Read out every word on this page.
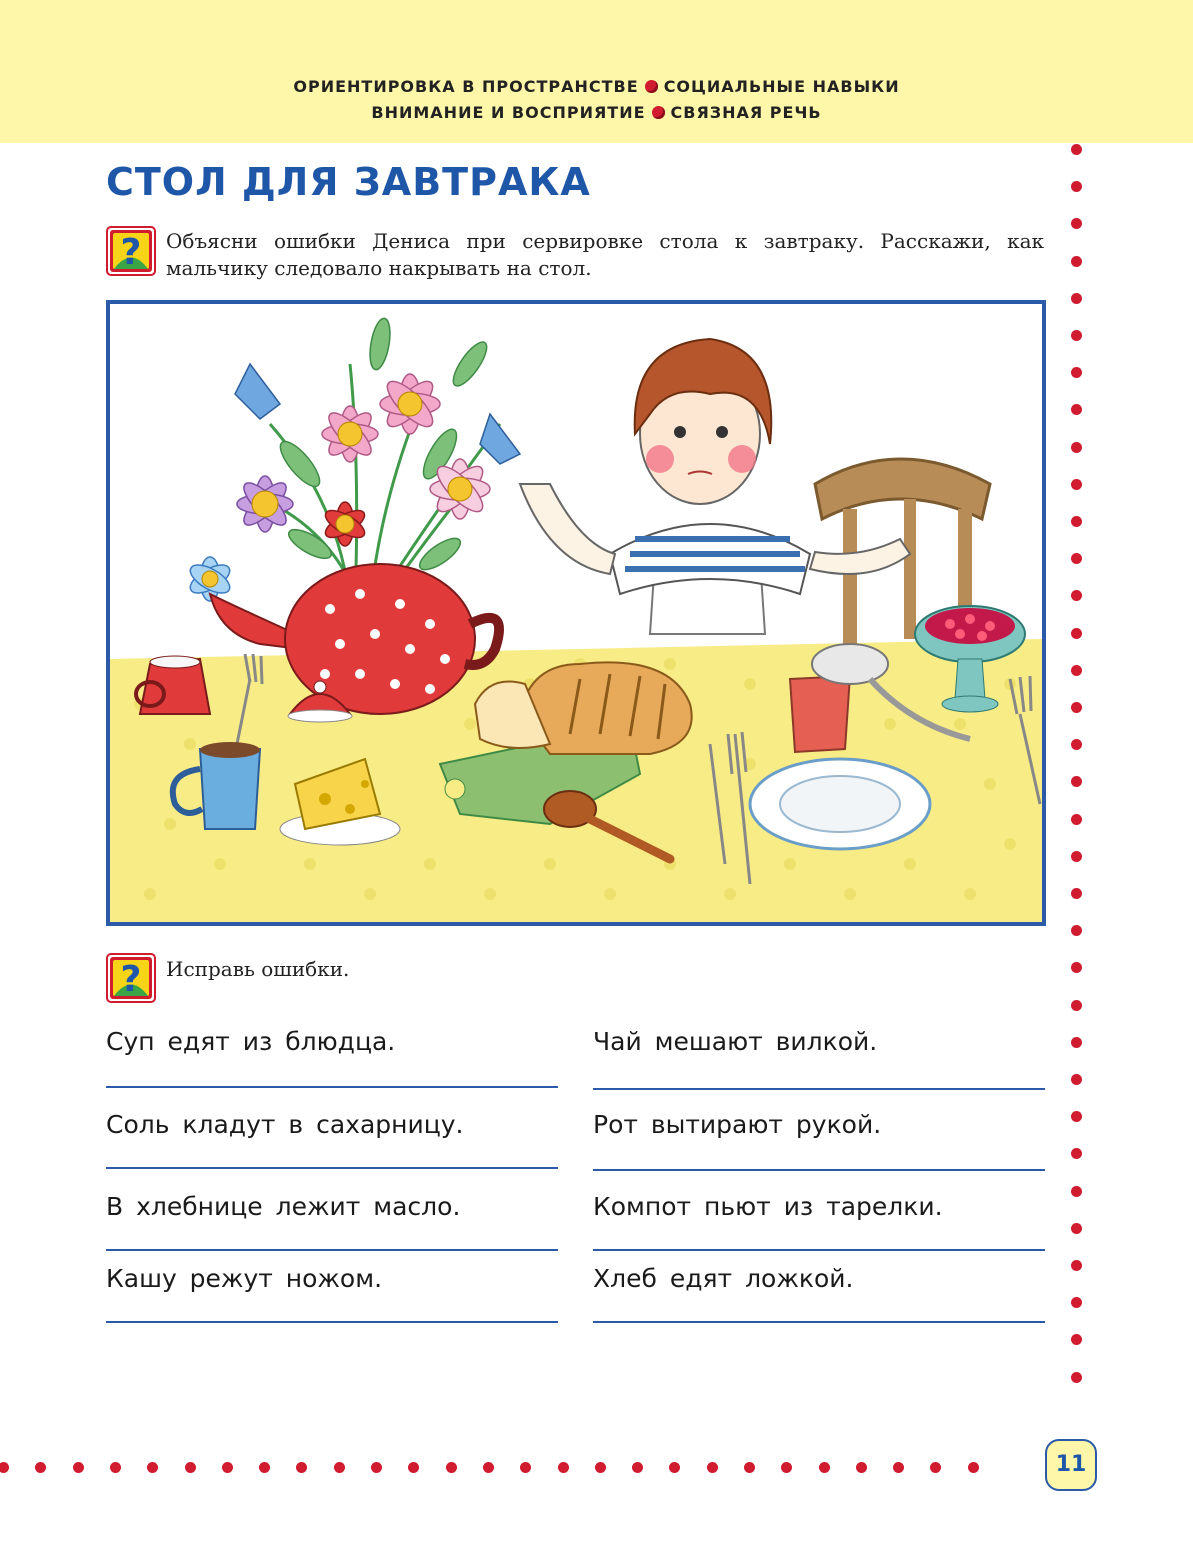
ОРИЕНТИРОВКА В ПРОСТРАНСТВЕ СОЦИАЛЬНЫЕ НАВЫКИ
ВНИМАНИЕ И ВОСПРИЯТИЕ СВЯЗНАЯ РЕЧЬ
СТОЛ ДЛЯ ЗАВТРАКА
? Объясни ошибки Дениса при сервировке стола к завтраку. Расскажи, как мальчику следовало накрывать на стол.
? Исправь ошибки.
Суп едят из блюдца.	Чай мешают вилкой.
Соль кладут в сахарницу.	Рот вытирают рукой.
В хлебнице лежит масло.	Компот пьют из тарелки.
Кашу режут ножом.	Хлеб едят ложкой.
11
